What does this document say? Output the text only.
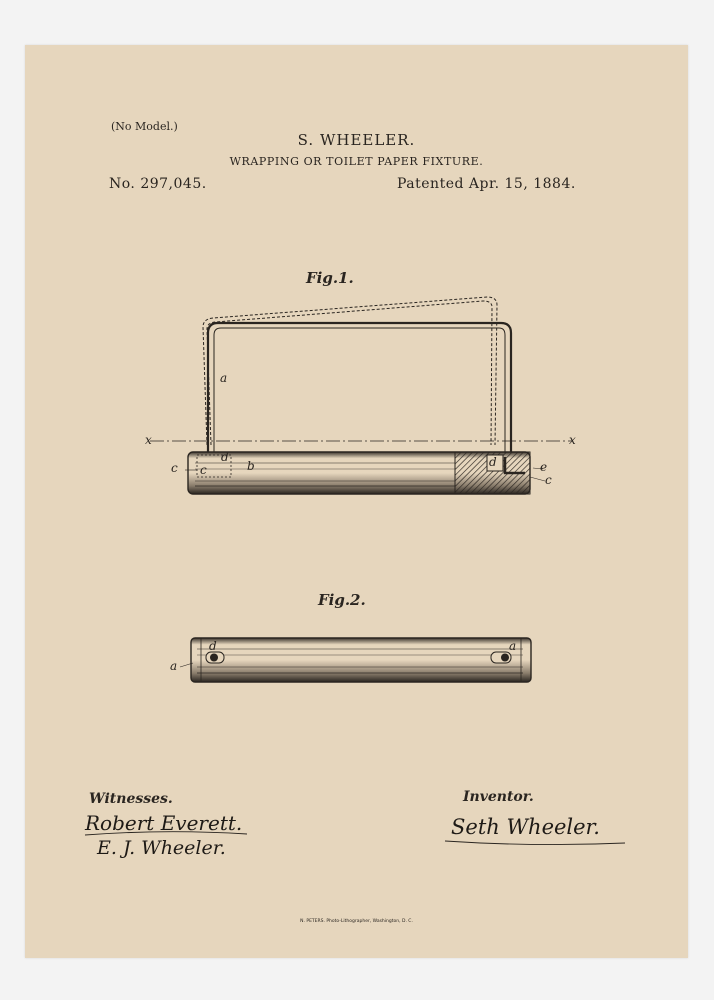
(No Model.)
S. WHEELER.
WRAPPING OR TOILET PAPER FIXTURE.
No. 297,045.	Patented Apr. 15, 1884.
Fig.1.
a
x	x
c c
d
b	d	e
c
Fig.2.
a
d	a
Witnesses.
Robert Everett.
E. J. Wheeler.
Inventor.
Seth Wheeler.
N. PETERS. Photo-Lithographer, Washington, D. C.
